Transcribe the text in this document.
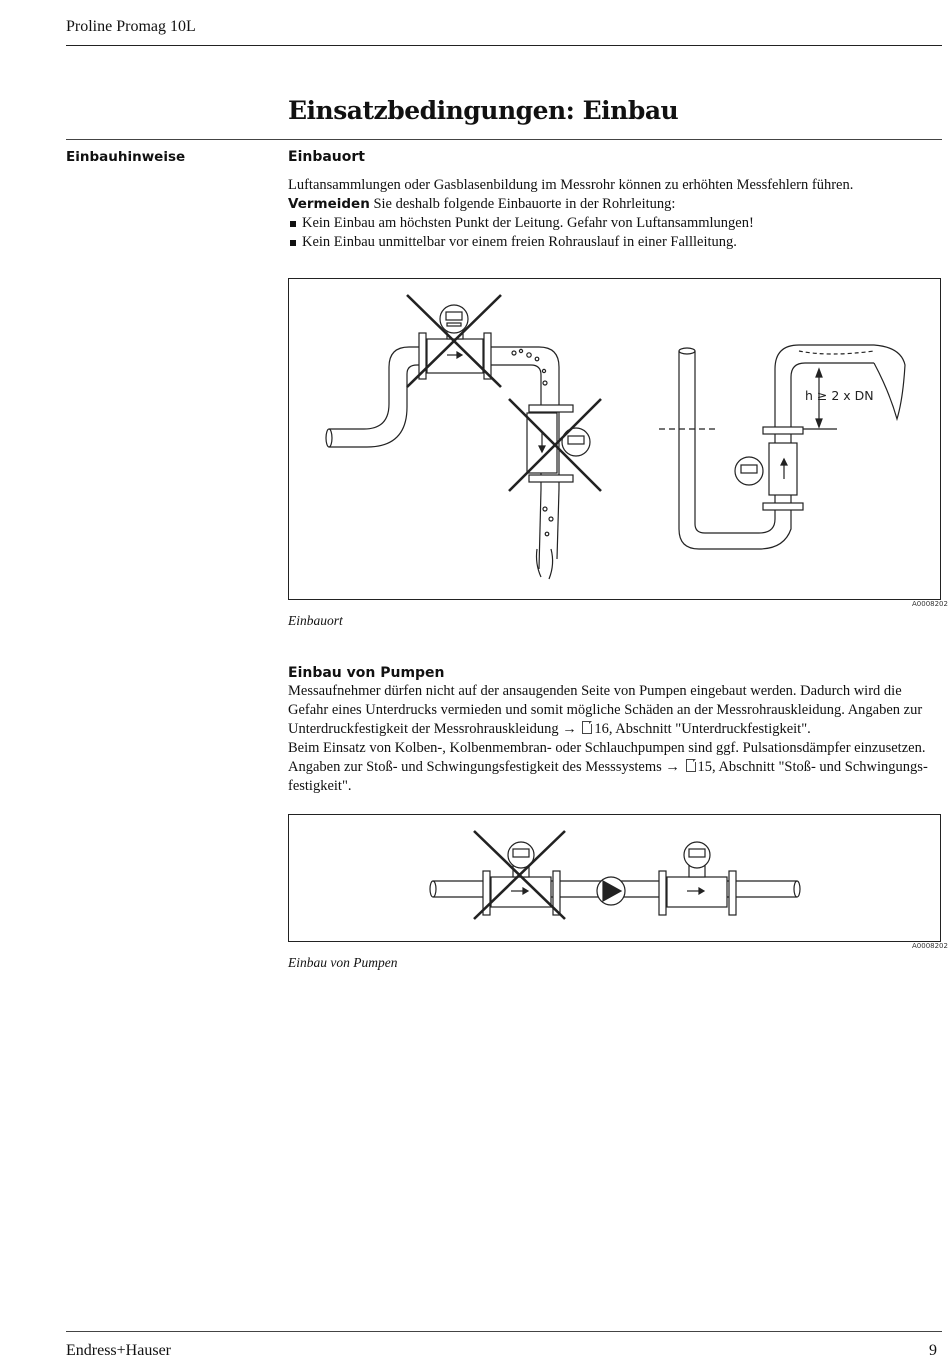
Proline Promag 10L
Einsatzbedingungen: Einbau
Einbauhinweise	Einbauort
Luftansammlungen oder Gasblasenbildung im Messrohr können zu erhöhten Messfehlern führen.
Vermeiden Sie deshalb folgende Einbauorte in der Rohrleitung:
Kein Einbau am höchsten Punkt der Leitung. Gefahr von Luftansammlungen!
Kein Einbau unmittelbar vor einem freien Rohrauslauf in einer Fallleitung.
h ≥ 2 x DN
A0008202
Einbauort
Einbau von Pumpen
Messaufnehmer dürfen nicht auf der ansaugenden Seite von Pumpen eingebaut werden. Dadurch wird die Gefahr eines Unterdrucks vermieden und somit mögliche Schäden an der Messrohrauskleidung. Angaben zur Unterdruckfestigkeit der Messrohrauskleidung → 16, Abschnitt "Unterdruckfestigkeit".
Beim Einsatz von Kolben-, Kolbenmembran- oder Schlauchpumpen sind ggf. Pulsationsdämpfer einzusetzen.
Angaben zur Stoß- und Schwingungsfestigkeit des Messsystems → 15, Abschnitt "Stoß- und Schwingungs-festigkeit".
A0008202
Einbau von Pumpen
Endress+Hauser	9
